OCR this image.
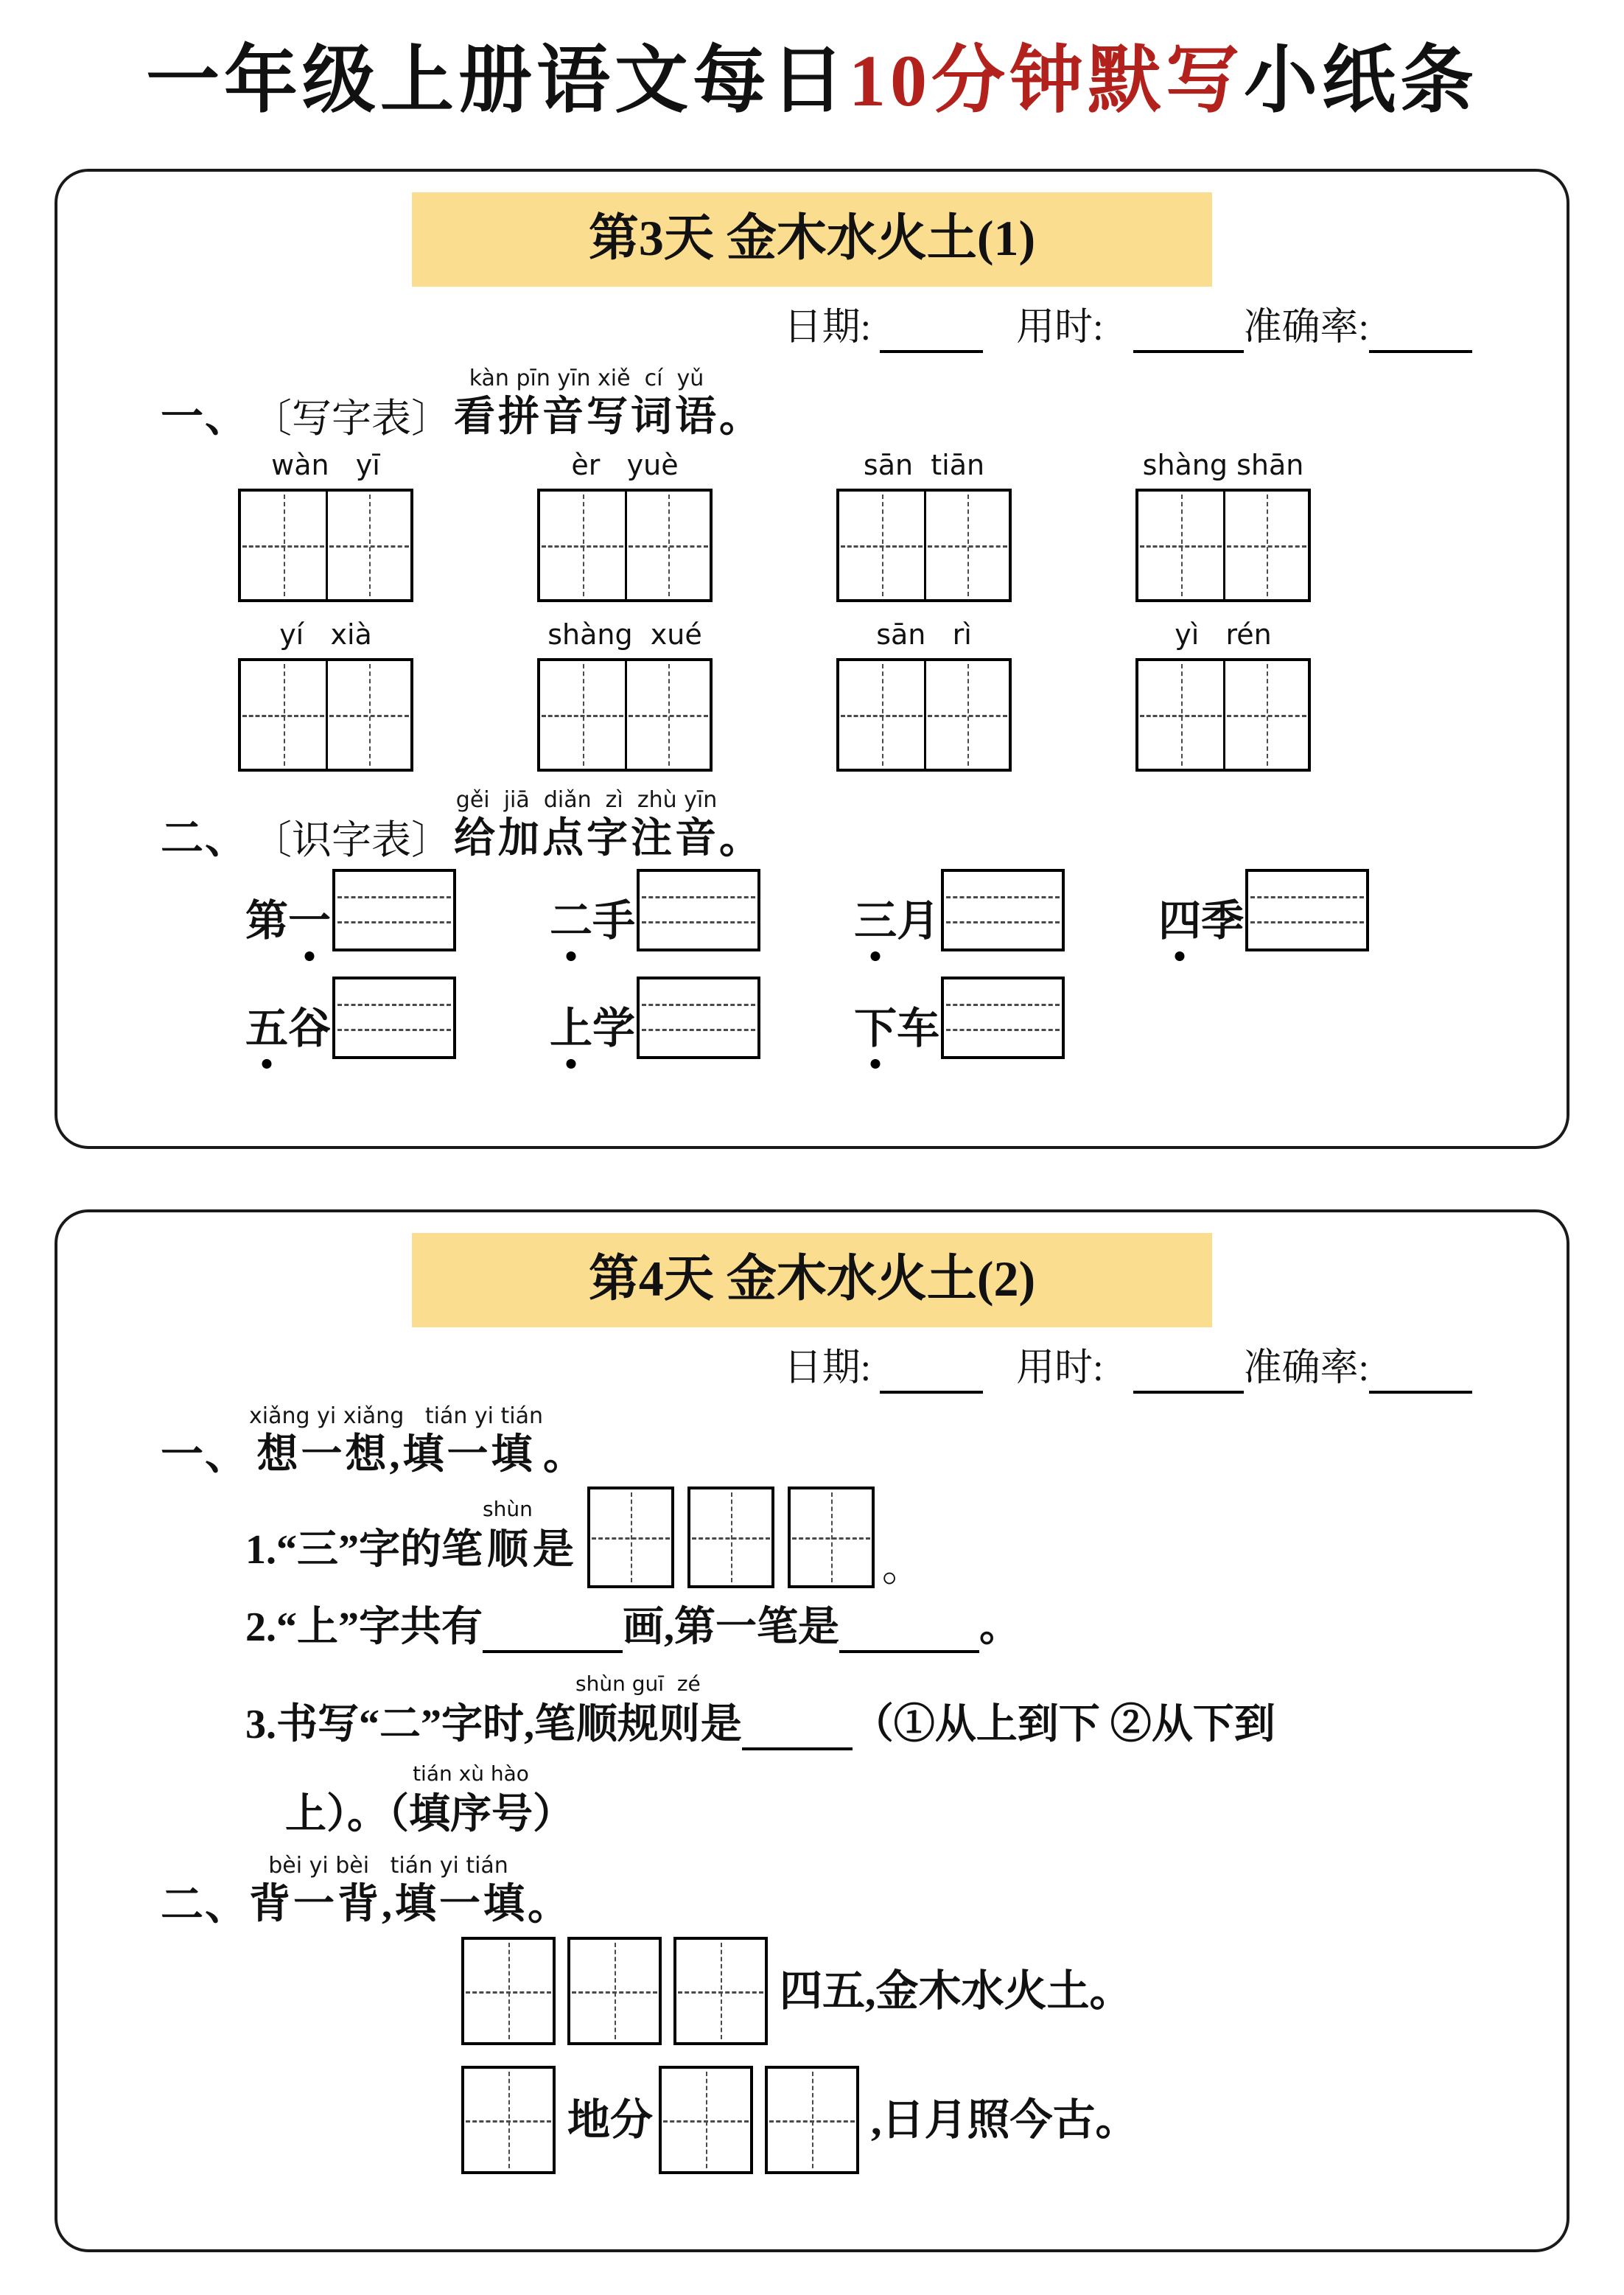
一年级上册语文每日10分钟默写小纸条
第3天 金木水火土(1)
日期:	用时:	准确率:
一、 〔写字表〕
kàn pīn yīn xiě  cí  yǔ
看拼音写词语 。
wàn   yī	èr   yuè	sān  tiān	shàng shān
yí   xià	shàng  xué	sān   rì	yì   rén
二、 〔识字表〕
gěi  jiā  diǎn  zì  zhù yīn
给加点字注音 。
第 一	二 手	三 月	四 季
五 谷	上 学	下 车
第4天 金木水火土(2)
日期:	用时:	准确率:
一、
xiǎng yi xiǎng   tián yi tián
想一想,填一填 。
1. “三”字的笔
shùn
顺 是	。
2. “上”字共有	画,第一笔是	。
3. 书写“二”字时,笔
shùn guī  zé
顺规则 是	（①从上到下 ②从下到
上）。（
tián xù hào
填序号 ）
二、
bèi yi bèi   tián yi tián
背一背,填一填 。
四五,金木水火土。
地分	,日月照今古。
